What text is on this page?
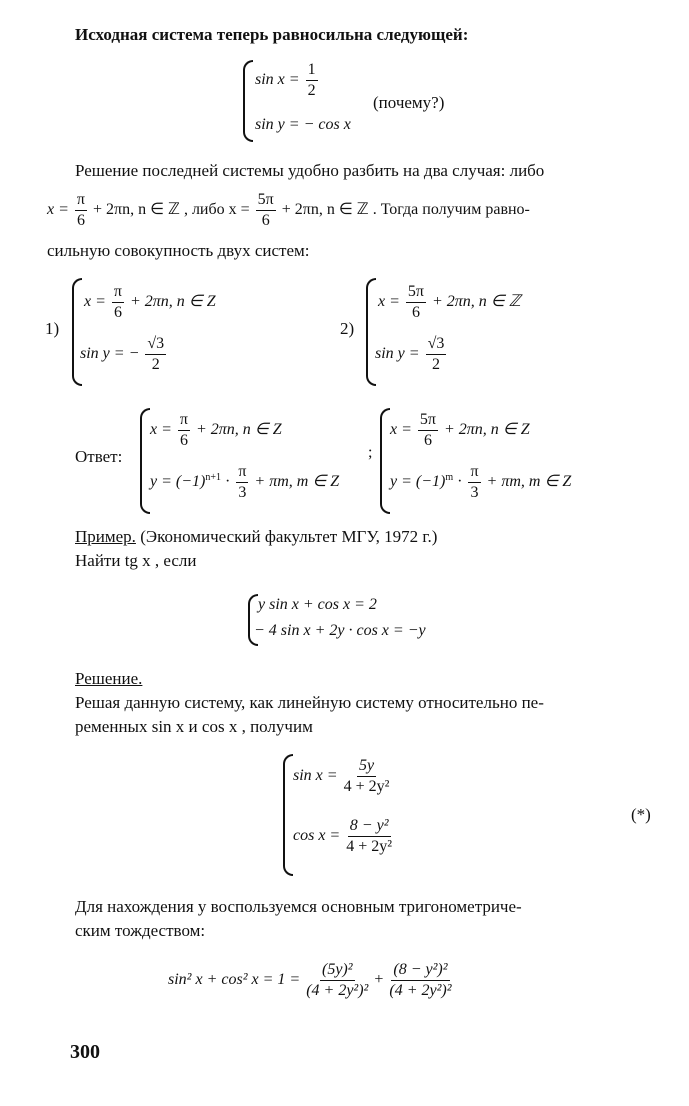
Исходная система теперь равносильна следующей:
$\sin x = \frac{1}{2}$
(почему?)
sin y = − cos x
Решение последней системы удобно разбить на два случая: либо
$x = \frac{\pi}{6} + 2\pi n$, n ∈ ℤ , либо $x = \frac{5\pi}{6} + 2\pi n$, n ∈ ℤ . Тогда получим равно-
сильную совокупность двух систем:
1)
$x = \frac{\pi}{6} + 2\pi n$, n ∈ Z
sin y = − $\frac{√3}{2}$
2)
$x = \frac{5\pi}{6} + 2\pi n$, n ∈ ℤ
$\sin y = \frac{√3}{2}$
Ответ:
$x = \frac{\pi}{6} + 2\pi n$, n ∈ Z
$y = (-1)^{n+1} \cdot \frac{\pi}{3} + \pi m$, m ∈ Z
;
$x = \frac{5\pi}{6} + 2\pi n$, n ∈ Z
$y = (-1)^m \cdot \frac{\pi}{3} + \pi m$, m ∈ Z
Пример. (Экономический факультет МГУ, 1972 г.)
Найти tg x , если
y sin x + cos x = 2
− 4 sin x + 2y · cos x = −y
Решение.
Решая данную систему, как линейную систему относительно пе-
ременных sin x и cos x , получим
$\sin x = \frac{5y}{\text{4 + 2y²}}$
$\cos x = \frac{\text{8 − y²}}{\text{4 + 2y²}}$
(*)
Для нахождения y воспользуемся основным тригонометриче-
ским тождеством:
sin² x + cos² $x = 1 = \frac{\text{(5y)²}}{\text{(4 + 2y²)²}} + \frac{\text{(8 − y²)²}}{\text{(4 + 2y²)²}}$
300
